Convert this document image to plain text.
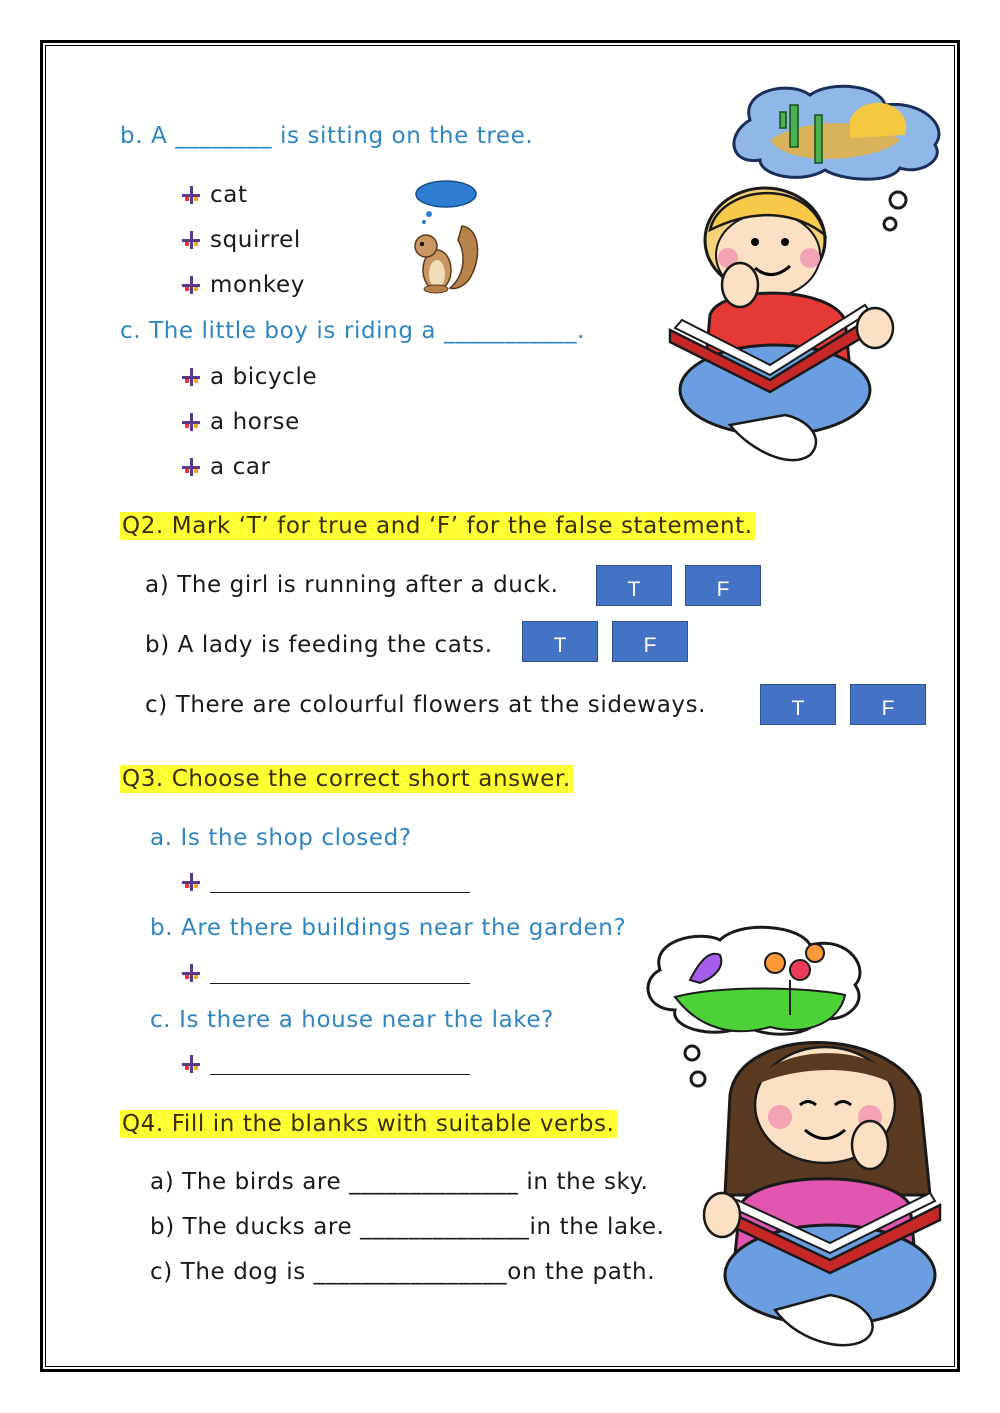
b. A ________ is sitting on the tree.
cat
squirrel
monkey
c. The little boy is riding a ___________.
a bicycle
a horse
a car
Q2. Mark ‘T’ for true and ‘F’ for the false statement.
a) The girl is running after a duck.	T	F
b) A lady is feeding the cats.	T	F
c) There are colourful flowers at the sideways.	T	F
Q3. Choose the correct short answer.
a. Is the shop closed?
b. Are there buildings near the garden?
c. Is there a house near the lake?
Q4. Fill in the blanks with suitable verbs.
a) The birds are ______________ in the sky.
b) The ducks are ______________in the lake.
c) The dog is ________________on the path.
